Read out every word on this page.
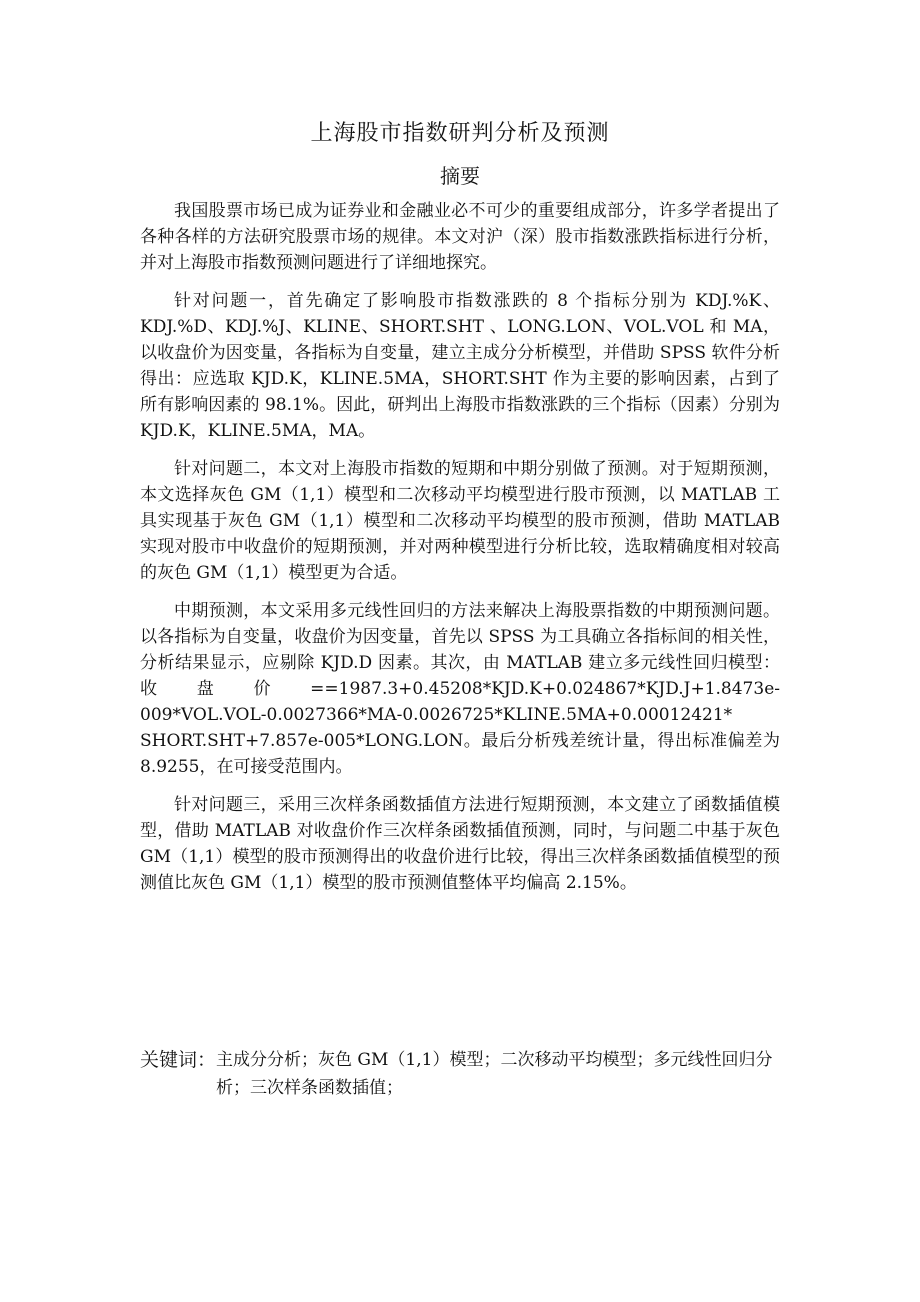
上海股市指数研判分析及预测
摘要

我国股票市场已成为证券业和金融业必不可少的重要组成部分，许多学者提出了各种各样的方法研究股票市场的规律。本文对沪（深）股市指数涨跌指标进行分析，并对上海股市指数预测问题进行了详细地探究。

针对问题一，首先确定了影响股市指数涨跌的 8 个指标分别为 KDJ.%K、KDJ.%D、KDJ.%J、KLINE、SHORT.SHT 、LONG.LON、VOL.VOL 和 MA，以收盘价为因变量，各指标为自变量，建立主成分分析模型，并借助 SPSS 软件分析得出：应选取 KJD.K，KLINE.5MA，SHORT.SHT 作为主要的影响因素，占到了所有影响因素的 98.1%。因此，研判出上海股市指数涨跌的三个指标（因素）分别为 KJD.K，KLINE.5MA，MA。

针对问题二，本文对上海股市指数的短期和中期分别做了预测。对于短期预测，本文选择灰色 GM（1,1）模型和二次移动平均模型进行股市预测，以 MATLAB 工具实现基于灰色 GM（1,1）模型和二次移动平均模型的股市预测，借助 MATLAB 实现对股市中收盘价的短期预测，并对两种模型进行分析比较，选取精确度相对较高的灰色 GM（1,1）模型更为合适。

中期预测，本文采用多元线性回归的方法来解决上海股票指数的中期预测问题。以各指标为自变量，收盘价为因变量，首先以 SPSS 为工具确立各指标间的相关性，分析结果显示，应剔除 KJD.D 因素。其次，由 MATLAB 建立多元线性回归模型：收盘价==1987.3+0.45208*KJD.K+0.024867*KJD.J+1.8473e-009*VOL.VOL-0.0027366*MA-0.0026725*KLINE.5MA+0.00012421* SHORT.SHT+7.857e-005*LONG.LON。最后分析残差统计量，得出标准偏差为 8.9255，在可接受范围内。

针对问题三，采用三次样条函数插值方法进行短期预测，本文建立了函数插值模型，借助 MATLAB 对收盘价作三次样条函数插值预测，同时，与问题二中基于灰色 GM（1,1）模型的股市预测得出的收盘价进行比较，得出三次样条函数插值模型的预测值比灰色 GM（1,1）模型的股市预测值整体平均偏高 2.15%。

关键词： 主成分分析；灰色 GM（1,1）模型；二次移动平均模型；多元线性回归分析；三次样条函数插值；
